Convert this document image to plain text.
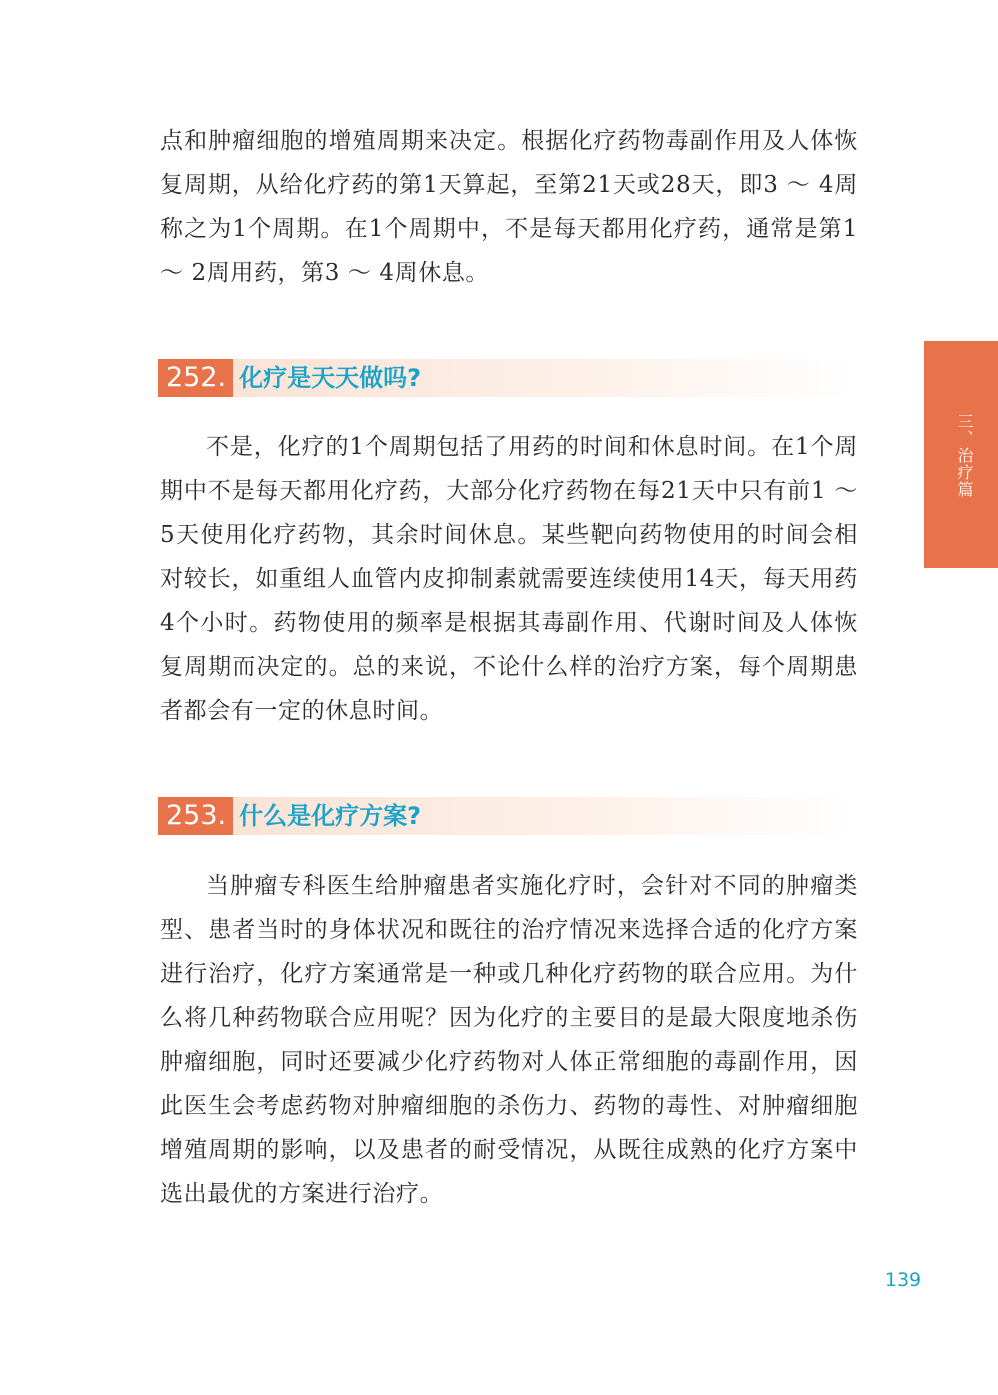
点和肿瘤细胞的增殖周期来决定。根据化疗药物毒副作用及人体恢复周期，从给化疗药的第1天算起，至第21天或28天，即3 ～ 4周称之为1个周期。在1个周期中，不是每天都用化疗药，通常是第1 ～ 2周用药，第3 ～ 4周休息。

252. 化疗是天天做吗?

不是，化疗的1个周期包括了用药的时间和休息时间。在1个周期中不是每天都用化疗药，大部分化疗药物在每21天中只有前1 ～ 5天使用化疗药物，其余时间休息。某些靶向药物使用的时间会相对较长，如重组人血管内皮抑制素就需要连续使用14天，每天用药4个小时。药物使用的频率是根据其毒副作用、代谢时间及人体恢复周期而决定的。总的来说，不论什么样的治疗方案，每个周期患者都会有一定的休息时间。

253. 什么是化疗方案?

当肿瘤专科医生给肿瘤患者实施化疗时，会针对不同的肿瘤类型、患者当时的身体状况和既往的治疗情况来选择合适的化疗方案进行治疗，化疗方案通常是一种或几种化疗药物的联合应用。为什么将几种药物联合应用呢？因为化疗的主要目的是最大限度地杀伤肿瘤细胞，同时还要减少化疗药物对人体正常细胞的毒副作用，因此医生会考虑药物对肿瘤细胞的杀伤力、药物的毒性、对肿瘤细胞增殖周期的影响，以及患者的耐受情况，从既往成熟的化疗方案中选出最优的方案进行治疗。

三、治疗篇
139
